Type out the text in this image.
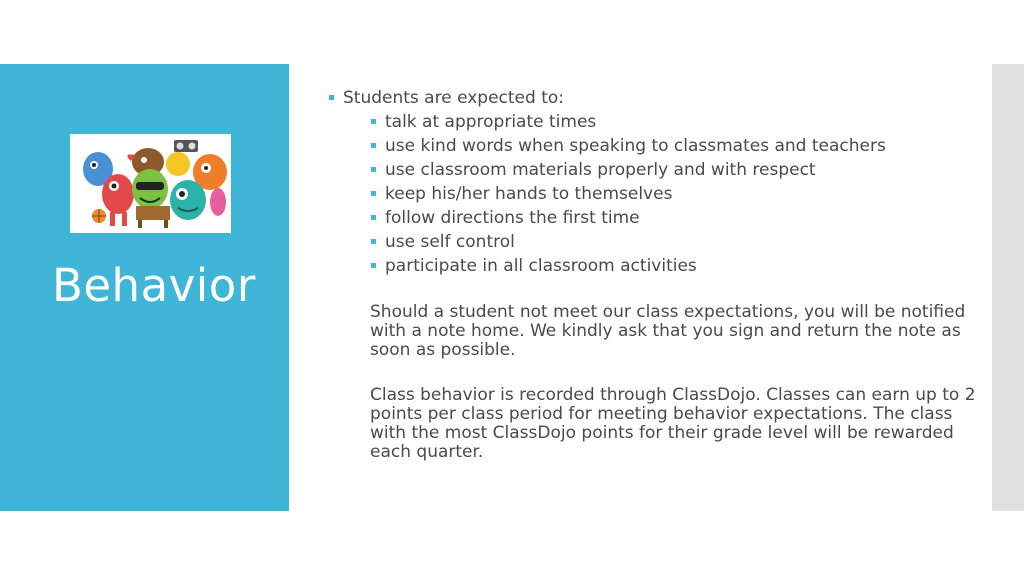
Behavior
Students are expected to:
talk at appropriate times
use kind words when speaking to classmates and teachers
use classroom materials properly and with respect
keep his/her hands to themselves
follow directions the first time
use self control
participate in all classroom activities
Should a student not meet our class expectations, you will be notified with a note home. We kindly ask that you sign and return the note as soon as possible.
Class behavior is recorded through ClassDojo. Classes can earn up to 2 points per class period for meeting behavior expectations. The class with the most ClassDojo points for their grade level will be rewarded each quarter.
